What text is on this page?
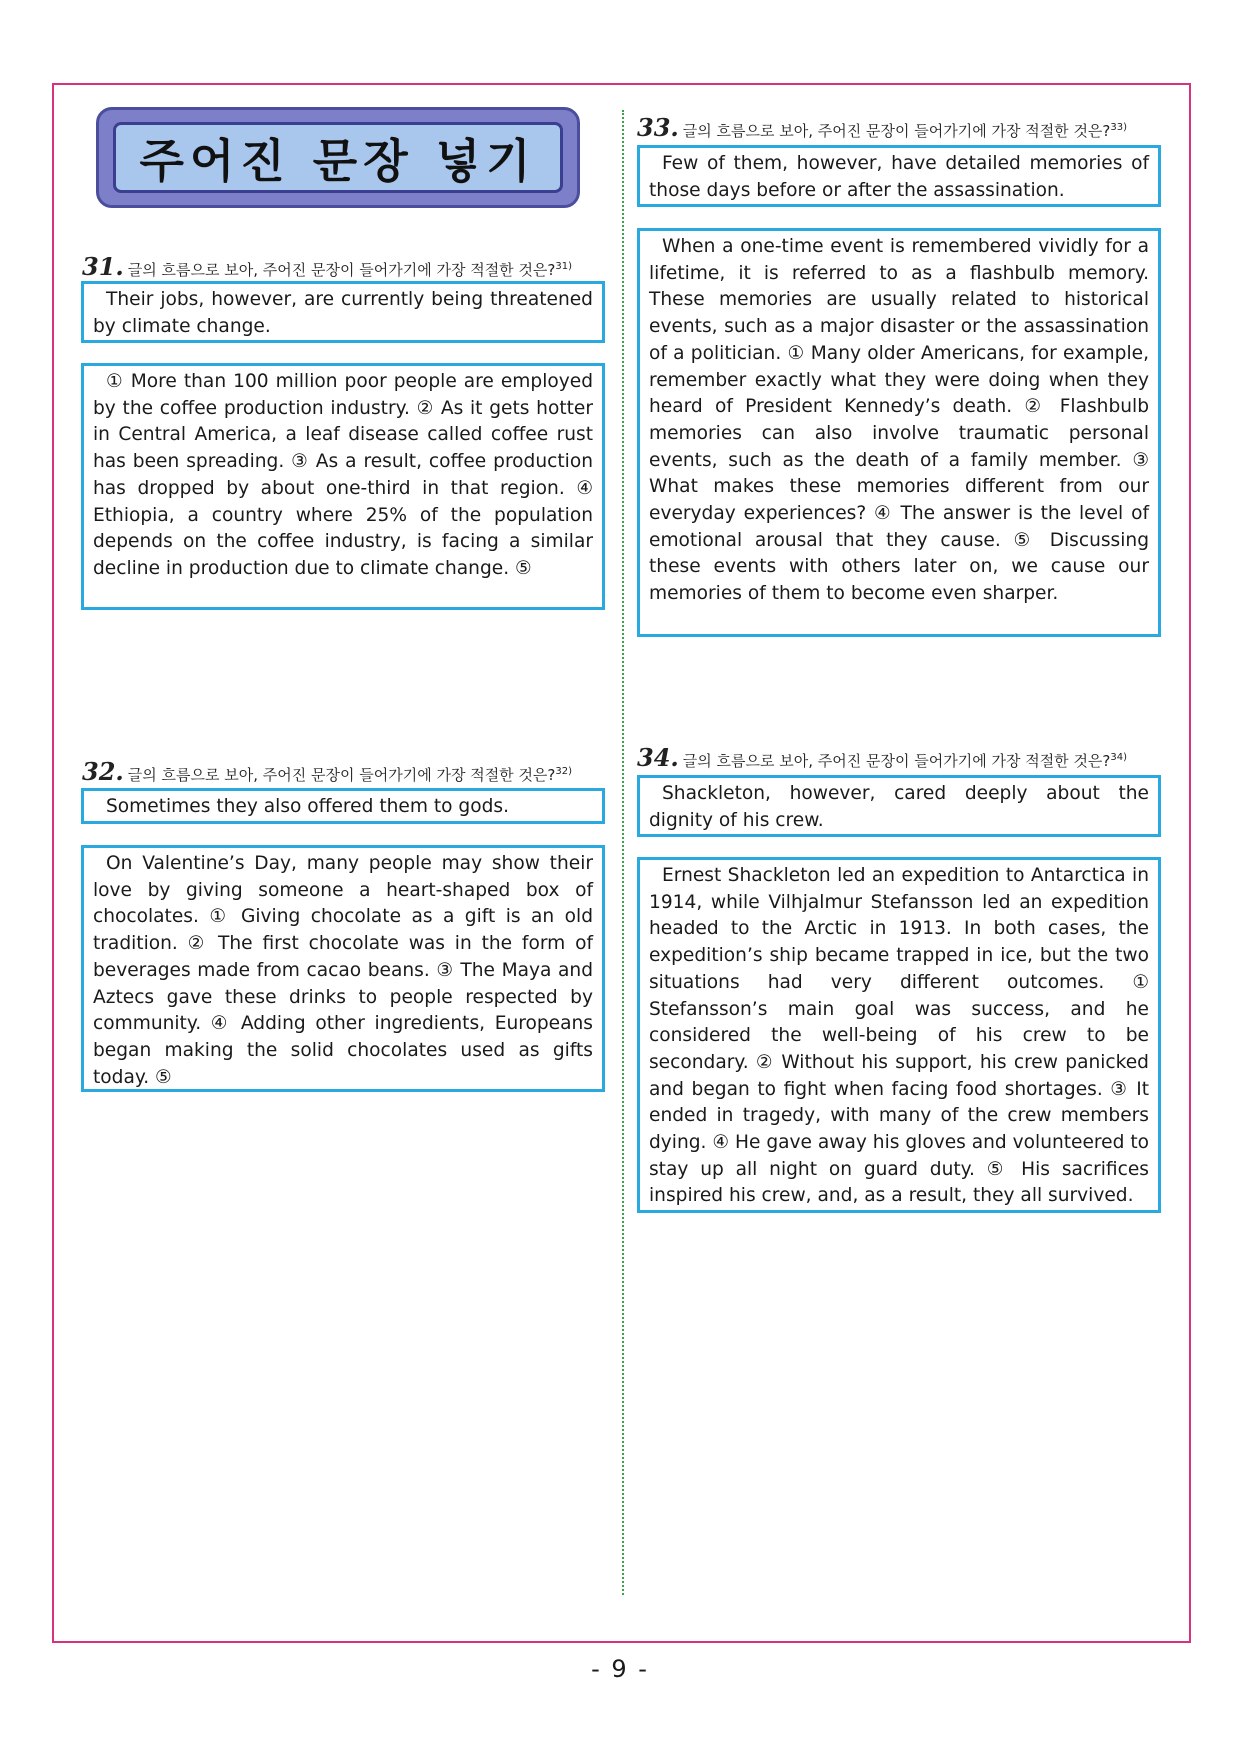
주어진 문장 넣기
31. 글의 흐름으로 보아, 주어진 문장이 들어가기에 가장 적절한 것은?$^{31)}$
Their jobs, however, are currently being threatened by climate change.
① More than 100 million poor people are employed by the coffee production industry. ② As it gets hotter in Central America, a leaf disease called coffee rust has been spreading. ③ As a result, coffee production has dropped by about one-third in that region. ④ Ethiopia, a country where 25% of the population depends on the coffee industry, is facing a similar decline in production due to climate change. ⑤
32. 글의 흐름으로 보아, 주어진 문장이 들어가기에 가장 적절한 것은?$^{32)}$
Sometimes they also offered them to gods.
On Valentine’s Day, many people may show their love by giving someone a heart-shaped box of chocolates. ① Giving chocolate as a gift is an old tradition. ② The first chocolate was in the form of beverages made from cacao beans. ③ The Maya and Aztecs gave these drinks to people respected by community. ④ Adding other ingredients, Europeans began making the solid chocolates used as gifts today. ⑤
33. 글의 흐름으로 보아, 주어진 문장이 들어가기에 가장 적절한 것은?$^{33)}$
Few of them, however, have detailed memories of those days before or after the assassination.
When a one-time event is remembered vividly for a lifetime, it is referred to as a flashbulb memory. These memories are usually related to historical events, such as a major disaster or the assassination of a politician. ① Many older Americans, for example, remember exactly what they were doing when they heard of President Kennedy’s death. ② Flashbulb memories can also involve traumatic personal events, such as the death of a family member. ③ What makes these memories different from our everyday experiences? ④ The answer is the level of emotional arousal that they cause. ⑤ Discussing these events with others later on, we cause our memories of them to become even sharper.
34. 글의 흐름으로 보아, 주어진 문장이 들어가기에 가장 적절한 것은?$^{34)}$
Shackleton, however, cared deeply about the dignity of his crew.
Ernest Shackleton led an expedition to Antarctica in 1914, while Vilhjalmur Stefansson led an expedition headed to the Arctic in 1913. In both cases, the expedition’s ship became trapped in ice, but the two situations had very different outcomes. ① Stefansson’s main goal was success, and he considered the well-being of his crew to be secondary. ② Without his support, his crew panicked and began to fight when facing food shortages. ③ It ended in tragedy, with many of the crew members dying. ④ He gave away his gloves and volunteered to stay up all night on guard duty. ⑤ His sacrifices inspired his crew, and, as a result, they all survived.
- 9 -
